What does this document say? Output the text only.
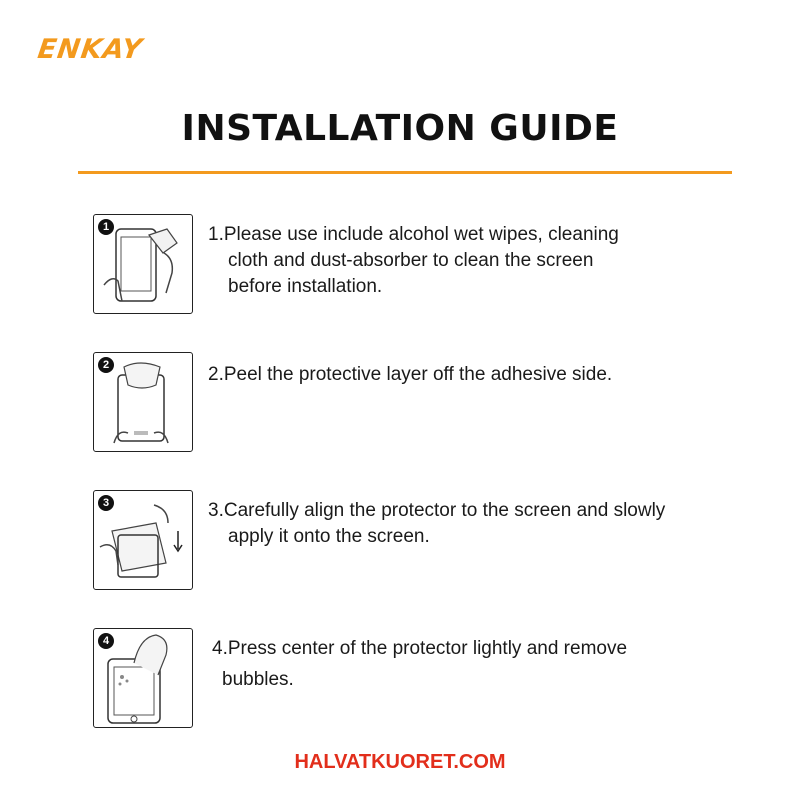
ENKAY
INSTALLATION GUIDE
1	1.Please use include alcohol wet wipes, cleaning
cloth and dust-absorber to clean the screen
before installation.
2	2.Peel the protective layer off the adhesive side.
3	3.Carefully align the protector to the screen and slowly
apply it onto the screen.
4	4.Press center of the protector lightly and remove
bubbles.
HALVATKUORET.COM
